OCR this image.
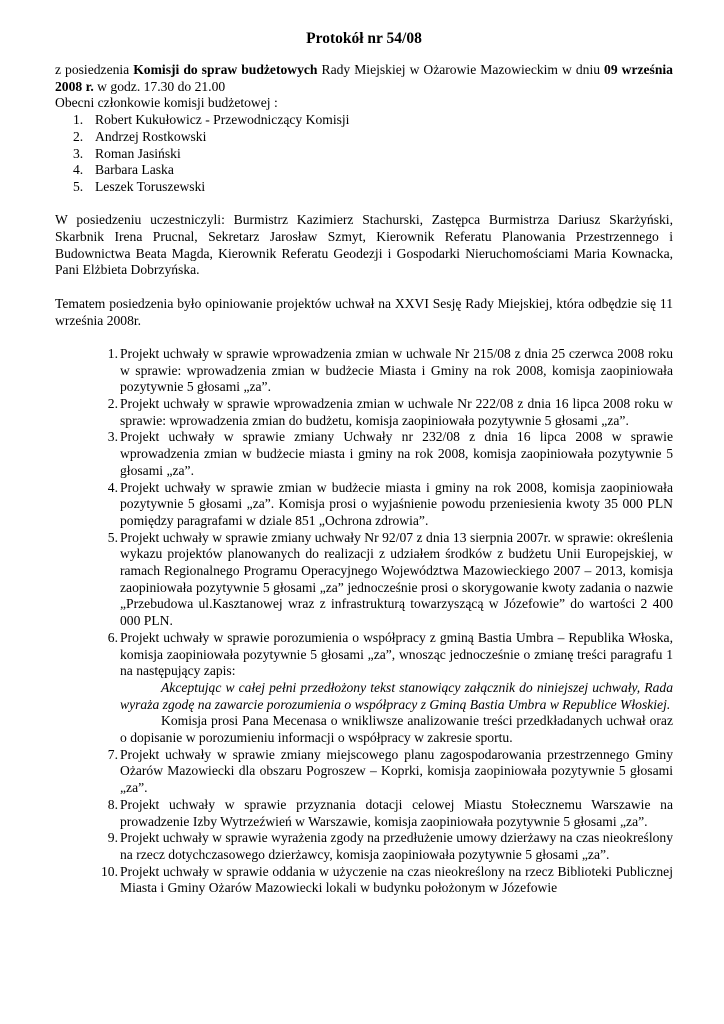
Protokół nr 54/08

z posiedzenia Komisji do spraw budżetowych Rady Miejskiej w Ożarowie Mazowieckim w dniu 09 września 2008 r. w godz. 17.30 do 21.00

Obecni członkowie komisji budżetowej :

1. Robert Kukułowicz - Przewodniczący Komisji
2. Andrzej Rostkowski
3. Roman Jasiński
4. Barbara Laska
5. Leszek Toruszewski

W posiedzeniu uczestniczyli: Burmistrz Kazimierz Stachurski, Zastępca Burmistrza Dariusz Skarżyński, Skarbnik Irena Prucnal, Sekretarz Jarosław Szmyt, Kierownik Referatu Planowania Przestrzennego i Budownictwa Beata Magda, Kierownik Referatu Geodezji i Gospodarki Nieruchomościami Maria Kownacka, Pani Elżbieta Dobrzyńska.

Tematem posiedzenia było opiniowanie projektów uchwał na XXVI Sesję Rady Miejskiej, która odbędzie się 11 września 2008r.

1. Projekt uchwały w sprawie wprowadzenia zmian w uchwale Nr 215/08 z dnia 25 czerwca 2008 roku w sprawie: wprowadzenia zmian w budżecie Miasta i Gminy na rok 2008, komisja zaopiniowała pozytywnie 5 głosami „za”.

2. Projekt uchwały w sprawie wprowadzenia zmian w uchwale Nr 222/08 z dnia 16 lipca 2008 roku w sprawie: wprowadzenia zmian do budżetu, komisja zaopiniowała pozytywnie 5 głosami „za”.

3. Projekt uchwały w sprawie zmiany Uchwały nr 232/08 z dnia 16 lipca 2008 w sprawie wprowadzenia zmian w budżecie miasta i gminy na rok 2008, komisja zaopiniowała pozytywnie 5 głosami „za”.

4. Projekt uchwały w sprawie zmian w budżecie miasta i gminy na rok 2008, komisja zaopiniowała pozytywnie 5 głosami „za”. Komisja prosi o wyjaśnienie powodu przeniesienia kwoty 35 000 PLN pomiędzy paragrafami w dziale 851 „Ochrona zdrowia”.

5. Projekt uchwały w sprawie zmiany uchwały Nr 92/07 z dnia 13 sierpnia 2007r. w sprawie: określenia wykazu projektów planowanych do realizacji z udziałem środków z budżetu Unii Europejskiej, w ramach Regionalnego Programu Operacyjnego Województwa Mazowieckiego 2007 – 2013, komisja zaopiniowała pozytywnie 5 głosami „za” jednocześnie prosi o skorygowanie kwoty zadania o nazwie „Przebudowa ul.Kasztanowej wraz z infrastrukturą towarzyszącą w Józefowie” do wartości 2 400 000 PLN.

6. Projekt uchwały w sprawie porozumienia o współpracy z gminą Bastia Umbra – Republika Włoska, komisja zaopiniowała pozytywnie 5 głosami „za”, wnosząc jednocześnie o zmianę treści paragrafu 1 na następujący zapis:

Akceptując w całej pełni przedłożony tekst stanowiący załącznik do niniejszej uchwały, Rada wyraża zgodę na zawarcie porozumienia o współpracy z Gminą Bastia Umbra w Republice Włoskiej.

Komisja prosi Pana Mecenasa o wnikliwsze analizowanie treści przedkładanych uchwał oraz o dopisanie w porozumieniu informacji o współpracy w zakresie sportu.

7. Projekt uchwały w sprawie zmiany miejscowego planu zagospodarowania przestrzennego Gminy Ożarów Mazowiecki dla obszaru Pogroszew – Koprki, komisja zaopiniowała pozytywnie 5 głosami „za”.

8. Projekt uchwały w sprawie przyznania dotacji celowej Miastu Stołecznemu Warszawie na prowadzenie Izby Wytrzeźwień w Warszawie, komisja zaopiniowała pozytywnie 5 głosami „za”.

9. Projekt uchwały w sprawie wyrażenia zgody na przedłużenie umowy dzierżawy na czas nieokreślony na rzecz dotychczasowego dzierżawcy, komisja zaopiniowała pozytywnie 5 głosami „za”.

10. Projekt uchwały w sprawie oddania w użyczenie na czas nieokreślony na rzecz Biblioteki Publicznej Miasta i Gminy Ożarów Mazowiecki lokali w budynku położonym w Józefowie
